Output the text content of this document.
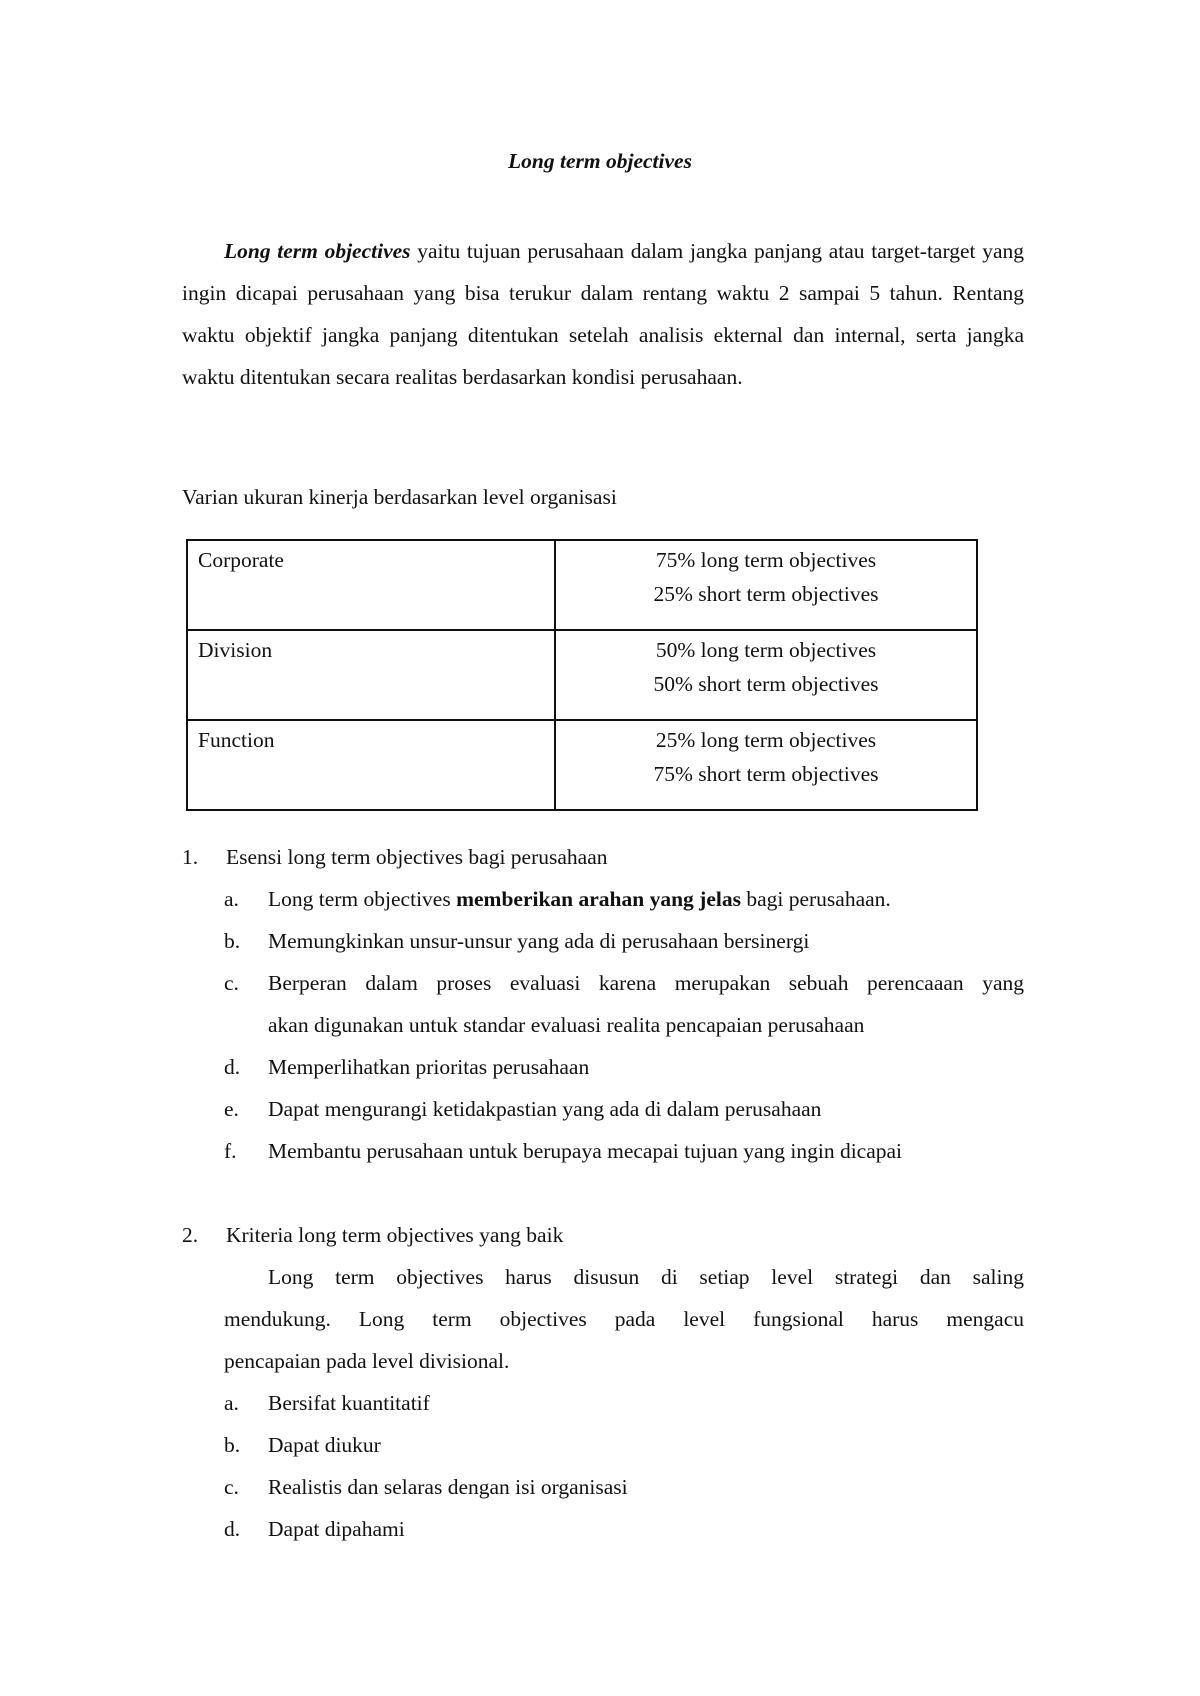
Long term objectives
Long term objectives yaitu tujuan perusahaan dalam jangka panjang atau target-target yang ingin dicapai perusahaan yang bisa terukur dalam rentang waktu 2 sampai 5 tahun. Rentang waktu objektif jangka panjang ditentukan setelah analisis ekternal dan internal, serta jangka waktu ditentukan secara realitas berdasarkan kondisi perusahaan.
Varian ukuran kinerja berdasarkan level organisasi
Corporate	75% long term objectives
25% short term objectives

Division	50% long term objectives
50% short term objectives

Function	25% long term objectives
75% short term objectives
1. Esensi long term objectives bagi perusahaan
a. Long term objectives memberikan arahan yang jelas bagi perusahaan.
b. Memungkinkan unsur-unsur yang ada di perusahaan bersinergi
c. Berperan dalam proses evaluasi karena merupakan sebuah perencaaan yang
akan digunakan untuk standar evaluasi realita pencapaian perusahaan
d. Memperlihatkan prioritas perusahaan
e. Dapat mengurangi ketidakpastian yang ada di dalam perusahaan
f. Membantu perusahaan untuk berupaya mecapai tujuan yang ingin dicapai
2. Kriteria long term objectives yang baik
Long term objectives harus disusun di setiap level strategi dan saling
mendukung. Long term objectives pada level fungsional harus mengacu
pencapaian pada level divisional.
a. Bersifat kuantitatif
b. Dapat diukur
c. Realistis dan selaras dengan isi organisasi
d. Dapat dipahami
